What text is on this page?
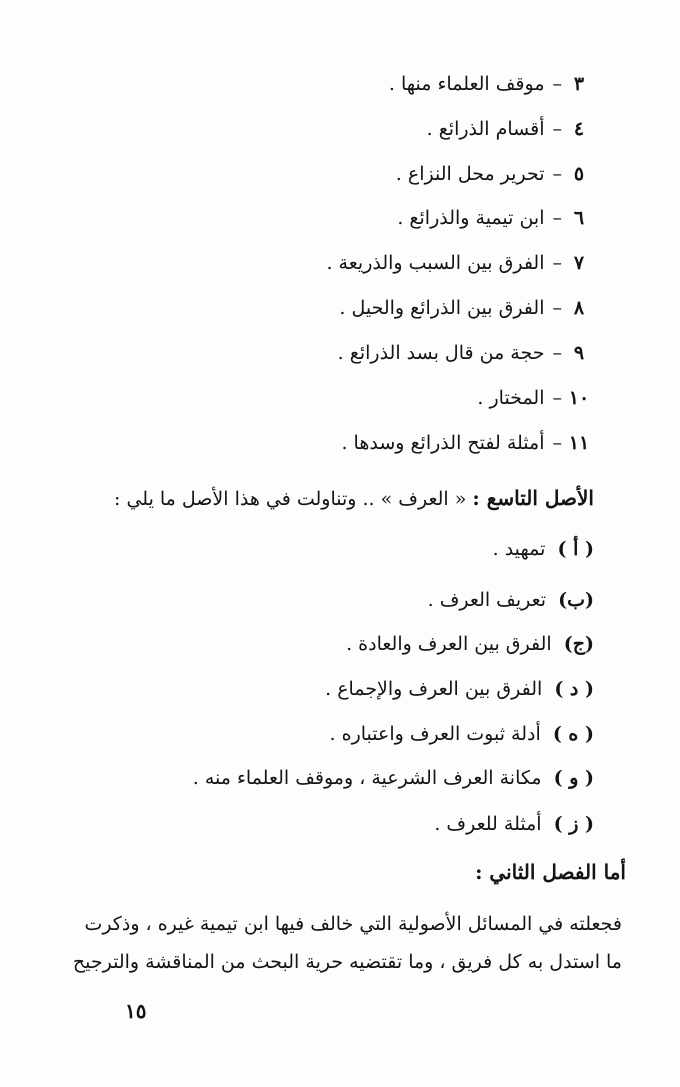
٣–موقف العلماء منها .
٤–أقسام الذرائع .
٥–تحرير محل النزاع .
٦–ابن تيمية والذرائع .
٧–الفرق بين السبب والذريعة .
٨–الفرق بين الذرائع والحيل .
٩–حجة من قال بسد الذرائع .
١٠–المختار .
١١–أمثلة لفتح الذرائع وسدها .
الأصل التاسع : « العرف » .. وتناولت في هذا الأصل ما يلي :
( أ ) تمهيد .
(ب) تعريف العرف .
(ج) الفرق بين العرف والعادة .
( د ) الفرق بين العرف والإجماع .
( ه ) أدلة ثبوت العرف واعتباره .
( و ) مكانة العرف الشرعية ، وموقف العلماء منه .
( ز ) أمثلة للعرف .
أما الفصل الثاني :
فجعلته في المسائل الأصولية التي خالف فيها ابن تيمية غيره ، وذكرت
ما استدل به كل فريق ، وما تقتضيه حرية البحث من المناقشة والترجيح
١٥
